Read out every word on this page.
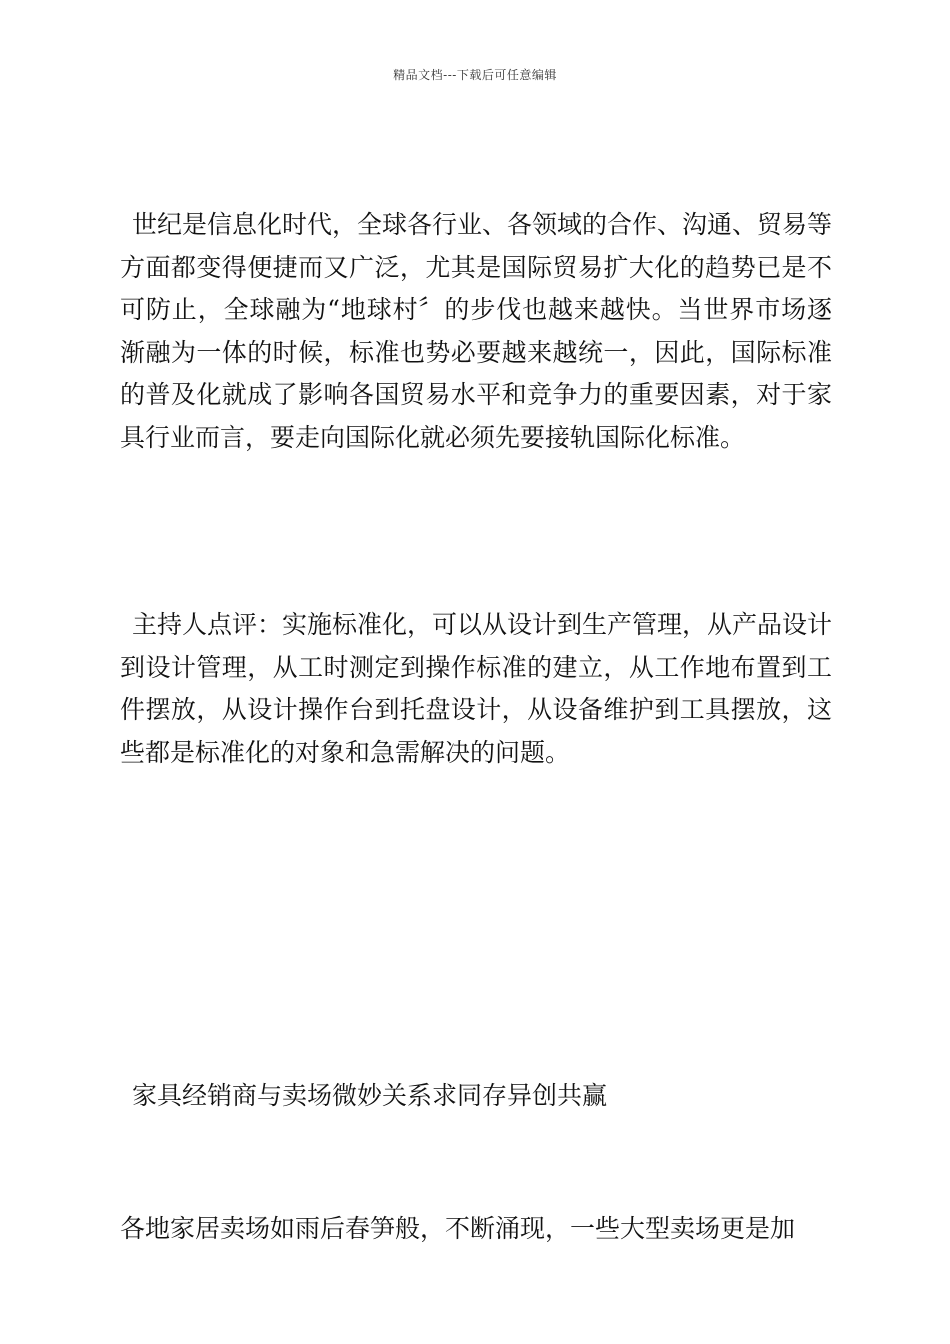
精品文档---下载后可任意编辑

世纪是信息化时代，全球各行业、各领域的合作、沟通、贸易等方面都变得便捷而又广泛，尤其是国际贸易扩大化的趋势已是不可防止，全球融为“地球村〞的步伐也越来越快。当世界市场逐渐融为一体的时候，标准也势必要越来越统一，因此，国际标准的普及化就成了影响各国贸易水平和竞争力的重要因素，对于家具行业而言，要走向国际化就必须先要接轨国际化标准。

主持人点评：实施标准化，可以从设计到生产管理，从产品设计到设计管理，从工时测定到操作标准的建立，从工作地布置到工件摆放，从设计操作台到托盘设计，从设备维护到工具摆放，这些都是标准化的对象和急需解决的问题。

家具经销商与卖场微妙关系求同存异创共赢

各地家居卖场如雨后春笋般，不断涌现，一些大型卖场更是加
